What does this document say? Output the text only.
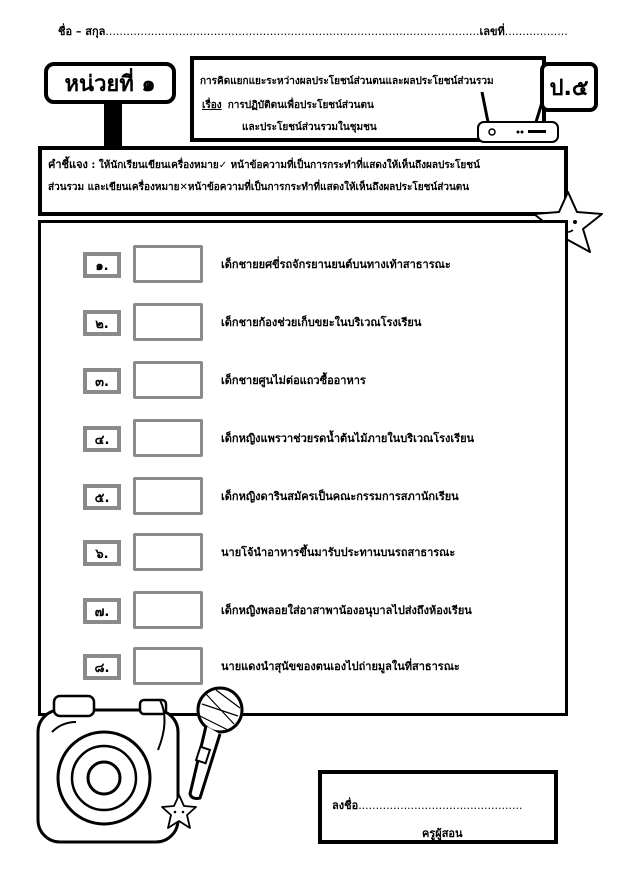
ชื่อ – สกุล...........................................................................................................เลขที่..................
หน่วยที่ ๑	การคิดแยกแยะระหว่างผลประโยชน์ส่วนตนและผลประโยชน์ส่วนรวม
เรื่อง การปฏิบัติตนเพื่อประโยชน์ส่วนตน
และประโยชน์ส่วนรวมในชุมชน
ป.๕
คำชี้แจง : ให้นักเรียนเขียนเครื่องหมาย✓ หน้าข้อความที่เป็นการกระทำที่แสดงให้เห็นถึงผลประโยชน์
ส่วนรวม และเขียนเครื่องหมาย✕หน้าข้อความที่เป็นการกระทำที่แสดงให้เห็นถึงผลประโยชน์ส่วนตน
๑.	เด็กชายยศขี่รถจักรยานยนต์บนทางเท้าสาธารณะ
๒.	เด็กชายก้องช่วยเก็บขยะในบริเวณโรงเรียน
๓.	เด็กชายศูนไม่ต่อแถวซื้ออาหาร
๔.	เด็กหญิงแพรวาช่วยรดน้ำต้นไม้ภายในบริเวณโรงเรียน
๕.	เด็กหญิงดารินสมัครเป็นคณะกรรมการสภานักเรียน
๖.	นายโจ้นำอาหารขึ้นมารับประทานบนรถสาธารณะ
๗.	เด็กหญิงพลอยใส่อาสาพาน้องอนุบาลไปส่งถึงห้องเรียน
๘.	นายแดงนำสุนัขของตนเองไปถ่ายมูลในที่สาธารณะ
ลงชื่อ...............................................
ครูผู้สอน
